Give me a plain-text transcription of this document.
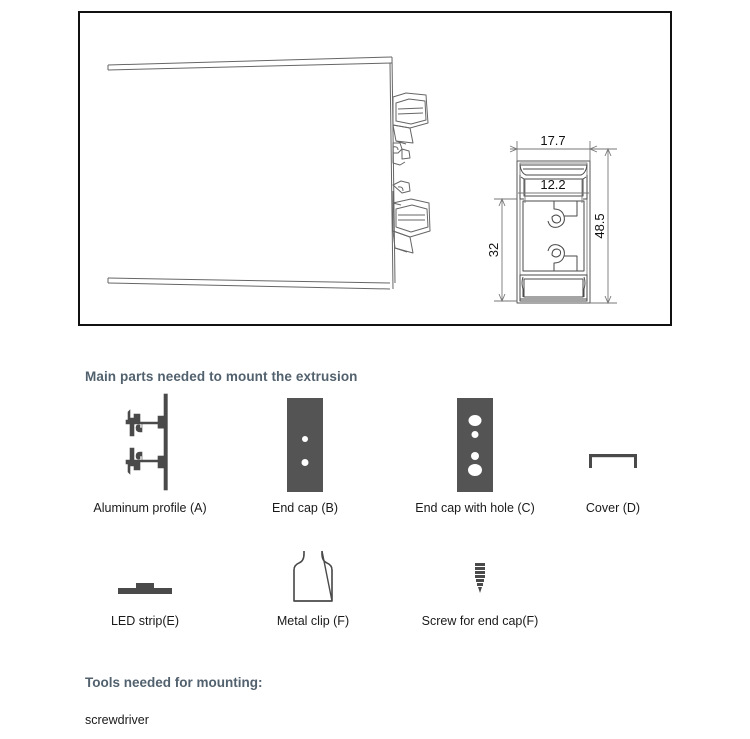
17.7
12.2
32
48.5
Main parts needed to mount the extrusion
Aluminum profile (A)	End cap (B)	End cap with hole (C)	Cover (D)
LED strip(E)	Metal clip (F)	Screw for end cap(F)
Tools needed for mounting:
screwdriver
